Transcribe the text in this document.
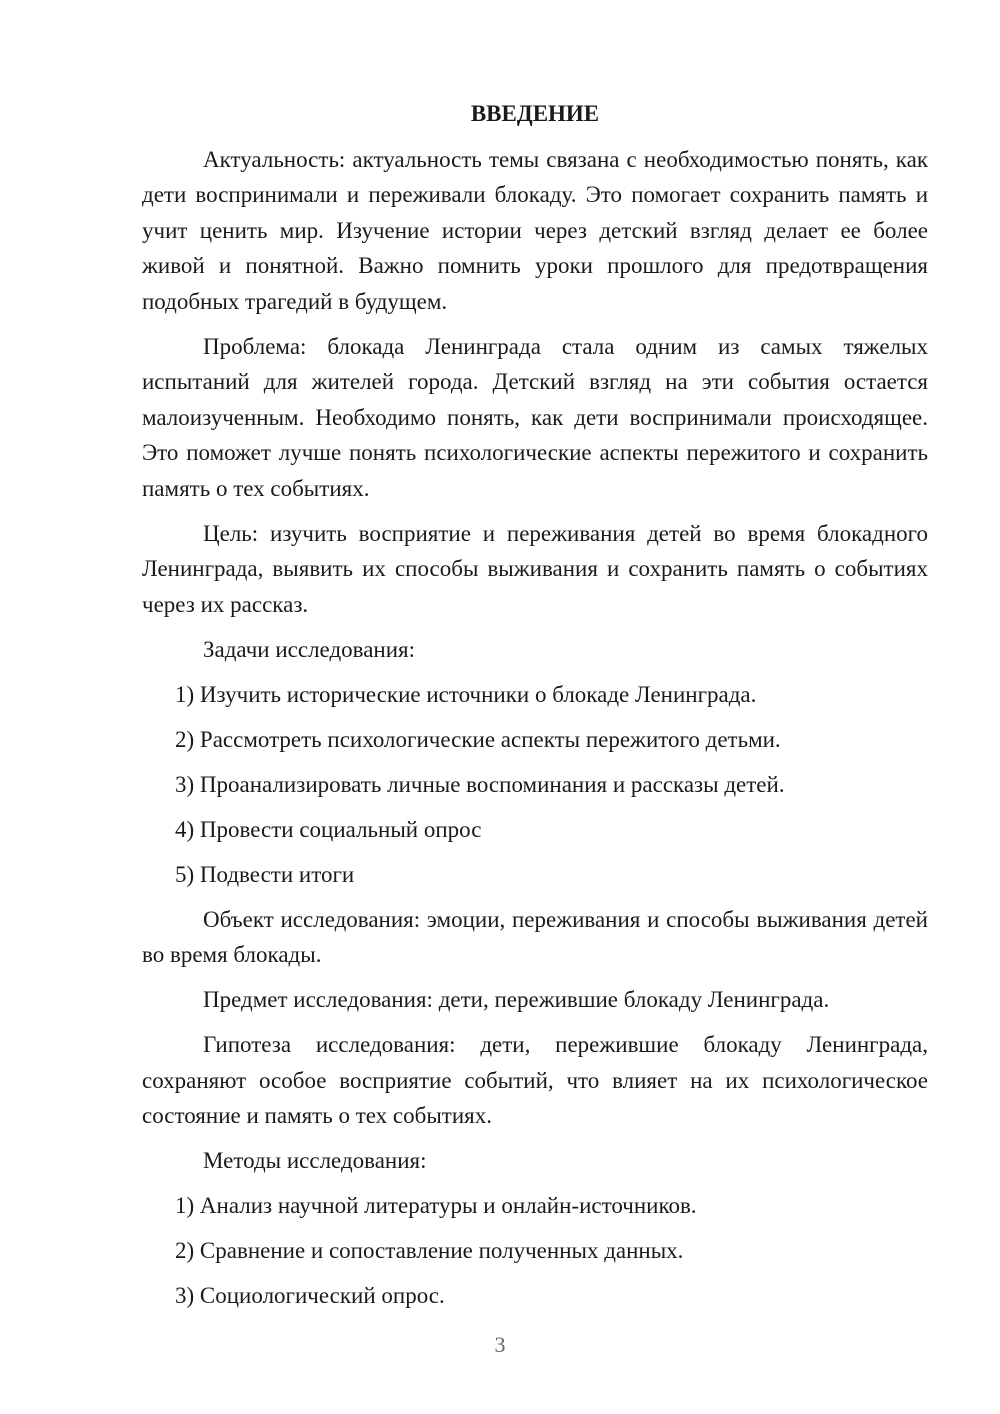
ВВЕДЕНИЕ

Актуальность: актуальность темы связана с необходимостью понять, как дети воспринимали и переживали блокаду. Это помогает сохранить память и учит ценить мир. Изучение истории через детский взгляд делает ее более живой и понятной. Важно помнить уроки прошлого для предотвращения подобных трагедий в будущем.

Проблема: блокада Ленинграда стала одним из самых тяжелых испытаний для жителей города. Детский взгляд на эти события остается малоизученным. Необходимо понять, как дети воспринимали происходящее. Это поможет лучше понять психологические аспекты пережитого и сохранить память о тех событиях.

Цель: изучить восприятие и переживания детей во время блокадного Ленинграда, выявить их способы выживания и сохранить память о событиях через их рассказ.

Задачи исследования:

1) Изучить исторические источники о блокаде Ленинграда.
2) Рассмотреть психологические аспекты пережитого детьми.
3) Проанализировать личные воспоминания и рассказы детей.
4) Провести социальный опрос
5) Подвести итоги

Объект исследования: эмоции, переживания и способы выживания детей во время блокады.

Предмет исследования: дети, пережившие блокаду Ленинграда.

Гипотеза исследования: дети, пережившие блокаду Ленинграда, сохраняют особое восприятие событий, что влияет на их психологическое состояние и память о тех событиях.

Методы исследования:

1) Анализ научной литературы и онлайн-источников.
2) Сравнение и сопоставление полученных данных.
3) Социологический опрос.
3
